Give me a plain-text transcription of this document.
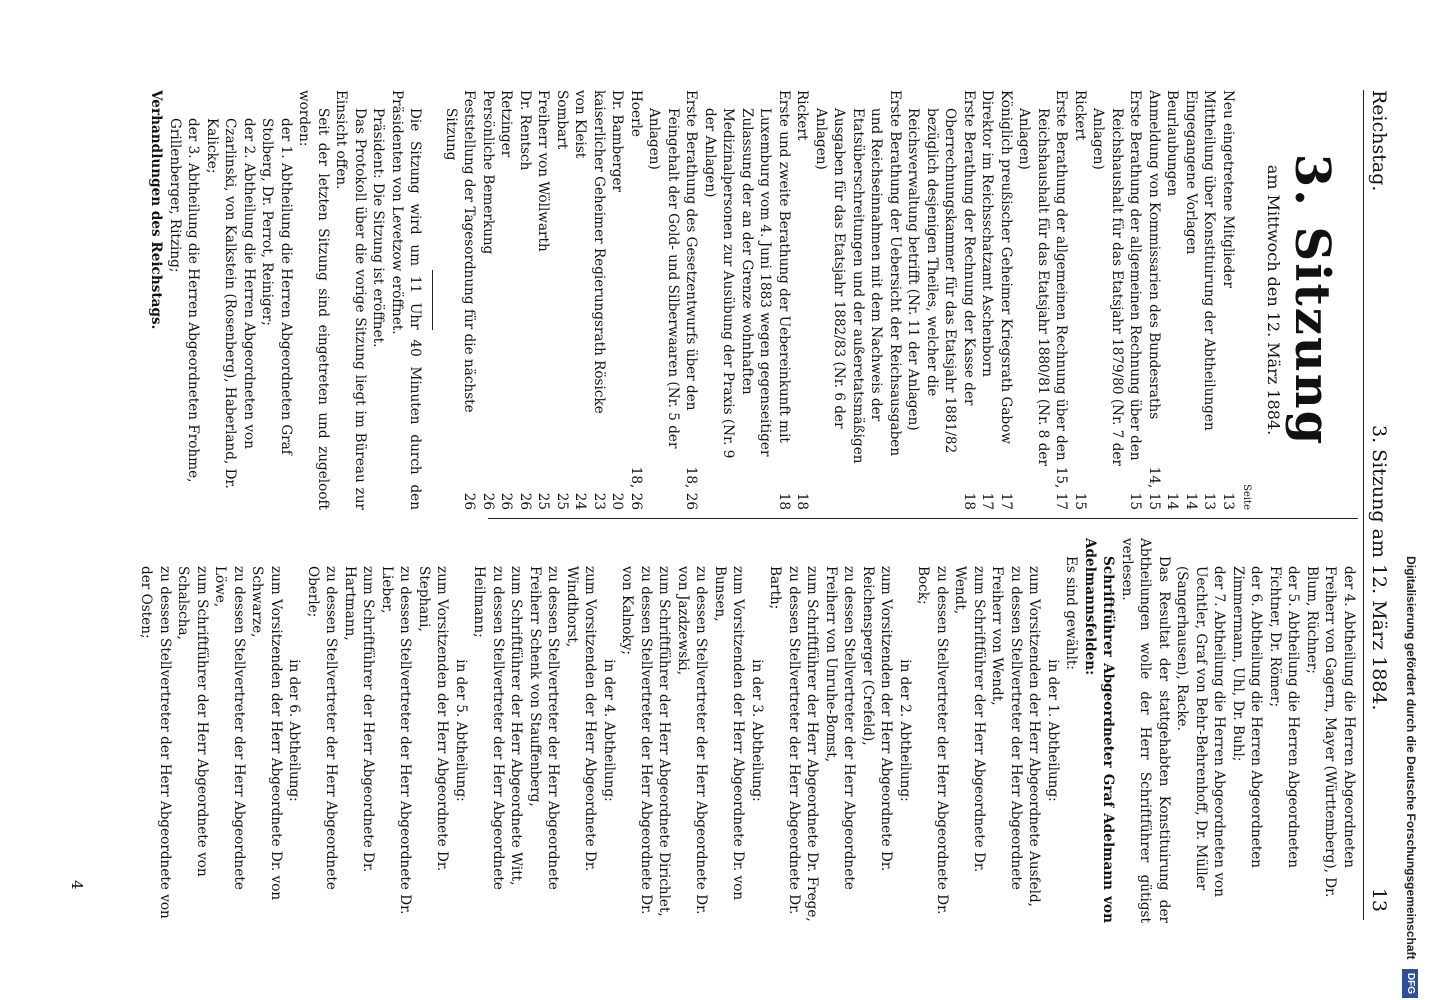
Reichstag.
3. Sitzung am 12. März 1884.
13
3. Sitzung
am Mittwoch den 12. März 1884.
Seite
Neu eingetretene Mitglieder
13
Mittheilung über Konstituirung der Abtheilungen
13
Eingegangene Vorlagen
14
Beurlaubungen
14
Anmeldung von Kommissarien des Bundesraths
14, 15
Erste Berathung der allgemeinen Rechnung über den Reichshaushalt für das Etatsjahr 1879/80 (Nr. 7 der Anlagen)
15
Rickert
15
Erste Berathung der allgemeinen Rechnung über den Reichshaushalt für das Etatsjahr 1880/81 (Nr. 8 der Anlagen)
15, 17
Königlich preußischer Geheimer Kriegsrath Gabow
17
Direktor im Reichsschatzamt Aschenborn
17
Erste Berathung der Rechnung der Kasse der Oberrechnungskammer für das Etatsjahr 1881/82 bezüglich desjenigen Theiles, welcher die Reichsverwaltung betrifft (Nr. 11 der Anlagen)
18
Erste Berathung der Uebersicht der Reichsausgaben und Reichseinnahmen mit dem Nachweis der Etatsüberschreitungen und der außeretatsmäßigen Ausgaben für das Etatsjahr 1882/83 (Nr. 6 der Anlagen)
Rickert
18
Erste und zweite Berathung der Uebereinkunft mit Luxemburg vom 4. Juni 1883 wegen gegenseitiger Zulassung der an der Grenze wohnhaften Medizinalpersonen zur Ausübung der Praxis (Nr. 9 der Anlagen)
18
Erste Berathung des Gesetzentwurfs über den Feingehalt der Gold- und Silberwaaren (Nr. 5 der Anlagen)
18, 26
Hoerle
18, 26
Dr. Bamberger
20
kaiserlicher Geheimer Regierungsrath Rösicke
23
von Kleist
24
Sombart
25
Freiherr von Wöllwarth
25
Dr. Rentsch
26
Retzinger
26
Persönliche Bemerkung
26
Feststellung der Tagesordnung für die nächste Sitzung
26

Die Sitzung wird um 11 Uhr 40 Minuten durch den Präsidenten von Levetzow eröffnet.

Präsident: Die Sitzung ist eröffnet.

Das Protokoll über die vorige Sitzung liegt im Büreau zur Einsicht offen.

Seit der letzten Sitzung sind eingetreten und zugelooft worden:

der 1. Abtheilung die Herren Abgeordneten Graf Stolberg, Dr. Perrot, Reiniger;

der 2. Abtheilung die Herren Abgeordneten von Czarlinski, von Kalkstein (Rosenberg), Haberland, Dr. Kalicke;

der 3. Abtheilung die Herren Abgeordneten Frohme, Grillenberger, Ritzing;

Verhandlungen des Reichstags.

der 4. Abtheilung die Herren Abgeordneten Freiherr von Gagern, Mayer (Württemberg), Dr. Blum, Rüchner;

der 5. Abtheilung die Herren Abgeordneten Fichtner, Dr. Römer;

der 6. Abtheilung die Herren Abgeordneten Zimmermann, Uhl, Dr. Buhl;

der 7. Abtheilung die Herren Abgeordneten von Uechtler, Graf von Behr-Behrenhoff, Dr. Müller (Sangerhausen), Racke.

Das Resultat der stattgehabten Konstituirung der Abtheilungen wolle der Herr Schriftführer gütigst verlesen.

Schriftführer Abgeordneter Graf Adelmann von Adelmannsfelden:

Es sind gewählt:

in der 1. Abtheilung:

zum Vorsitzenden der Herr Abgeordnete Ausfeld,

zu dessen Stellvertreter der Herr Abgeordnete Freiherr von Wendt,

zum Schriftführer der Herr Abgeordnete Dr. Wendt,

zu dessen Stellvertreter der Herr Abgeordnete Dr. Bock;

in der 2. Abtheilung:

zum Vorsitzenden der Herr Abgeordnete Dr. Reichensperger (Crefeld),

zu dessen Stellvertreter der Herr Abgeordnete Freiherr von Unruhe-Bomst,

zum Schriftführer der Herr Abgeordnete Dr. Frege,

zu dessen Stellvertreter der Herr Abgeordnete Dr. Barth;

in der 3. Abtheilung:

zum Vorsitzenden der Herr Abgeordnete Dr. von Bunsen,

zu dessen Stellvertreter der Herr Abgeordnete Dr. von Jazdzewski,

zum Schriftführer der Herr Abgeordnete Dirichlet,

zu dessen Stellvertreter der Herr Abgeordnete Dr. von Kalnoky;

in der 4. Abtheilung:

zum Vorsitzenden der Herr Abgeordnete Dr. Windthorst,

zu dessen Stellvertreter der Herr Abgeordnete Freiherr Schenk von Stauffenberg,

zum Schriftführer der Herr Abgeordnete Witt,

zu dessen Stellvertreter der Herr Abgeordnete Heilmann;

in der 5. Abtheilung:

zum Vorsitzenden der Herr Abgeordnete Dr. Stephani,

zu dessen Stellvertreter der Herr Abgeordnete Dr. Lieber,

zum Schriftführer der Herr Abgeordnete Dr. Hartmann,

zu dessen Stellvertreter der Herr Abgeordnete Oberle;

in der 6. Abtheilung:

zum Vorsitzenden der Herr Abgeordnete Dr. von Schwarze,

zu dessen Stellvertreter der Herr Abgeordnete Löwe,

zum Schriftführer der Herr Abgeordnete von Schalscha,

zu dessen Stellvertreter der Herr Abgeordnete von der Osten;

4	Digitalisierung gefördert durch die Deutsche Forschungsgemeinschaft DFG
